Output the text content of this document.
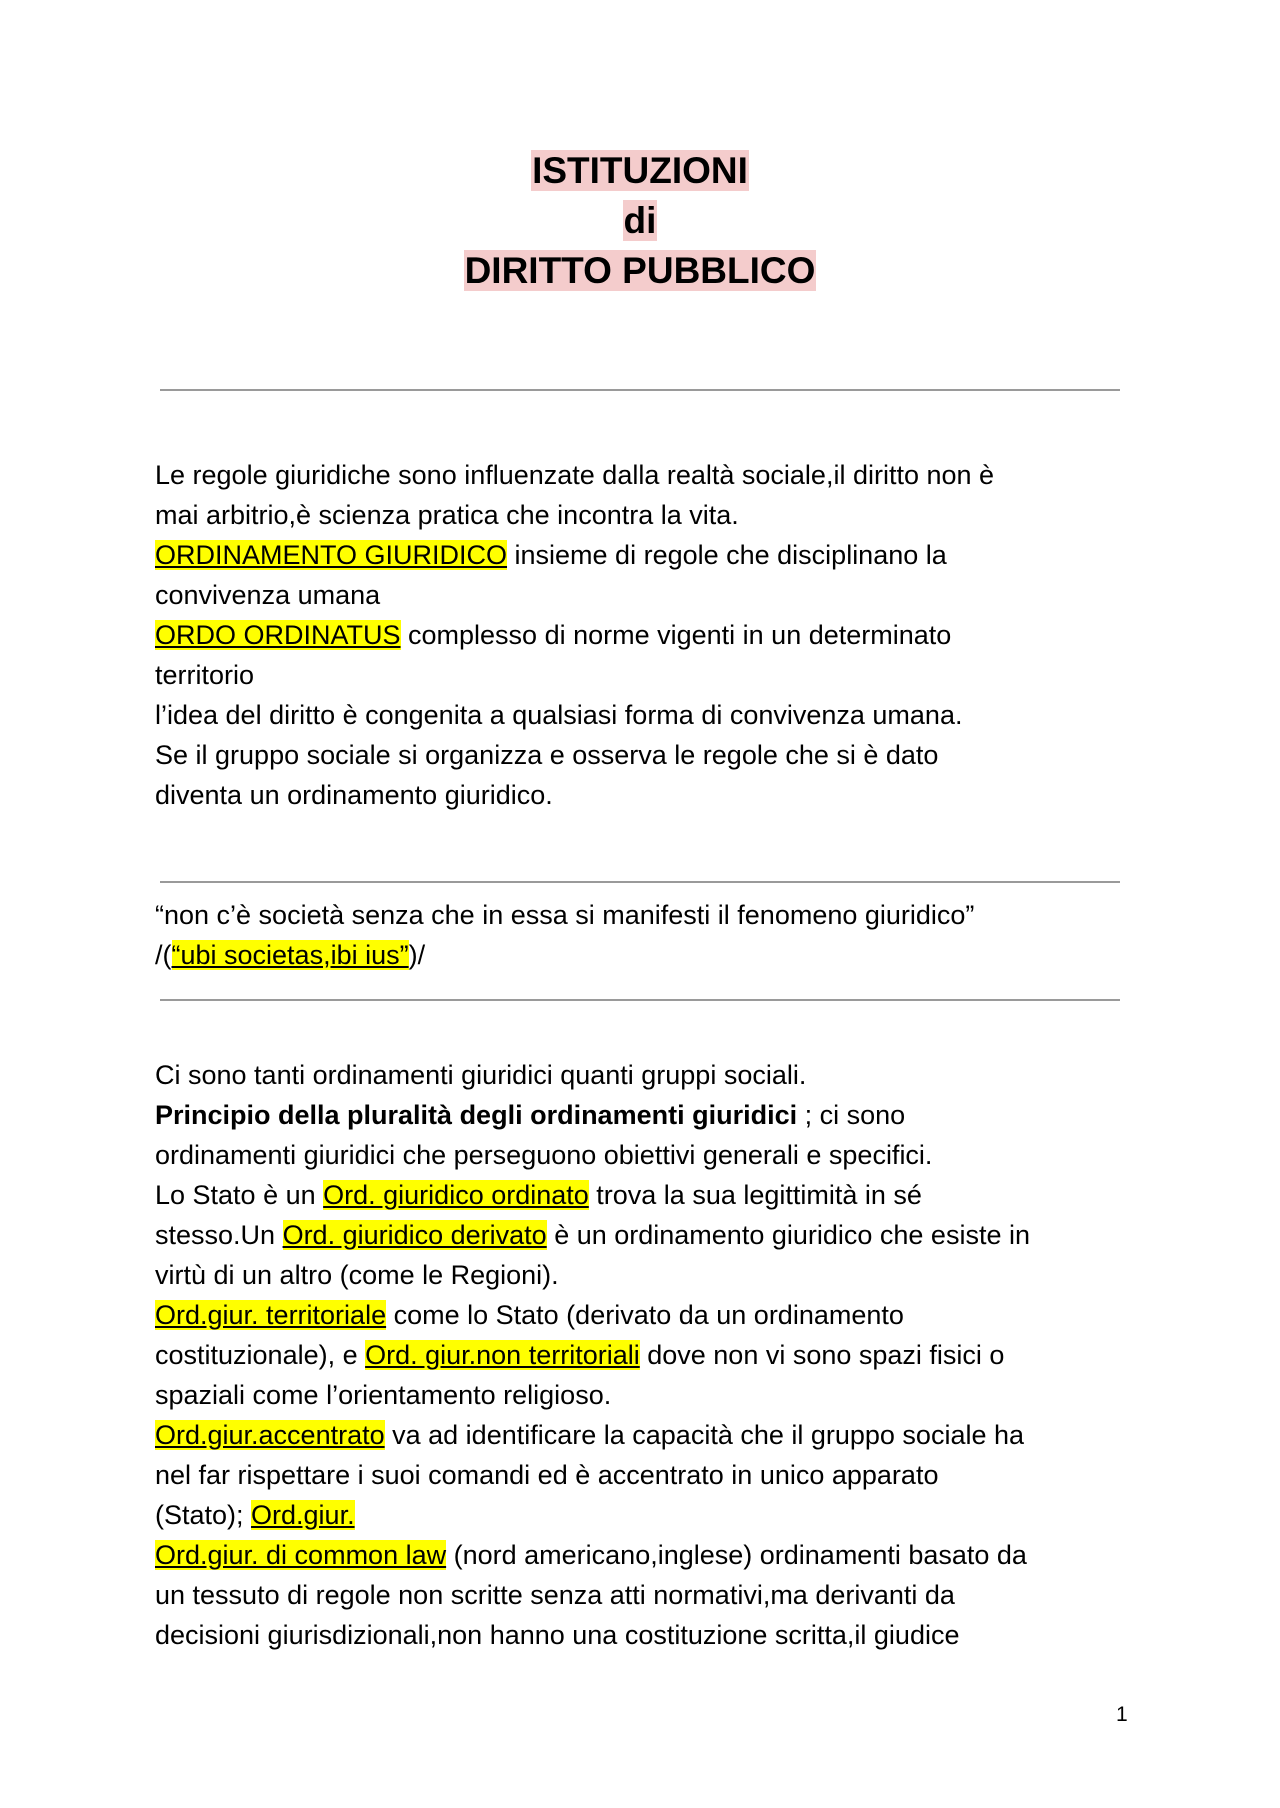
ISTITUZIONI
di
DIRITTO PUBBLICO
Le regole giuridiche sono influenzate dalla realtà sociale,il diritto non è
mai arbitrio,è scienza pratica che incontra la vita.
ORDINAMENTO GIURIDICO insieme di regole che disciplinano la
convivenza umana
ORDO ORDINATUS complesso di norme vigenti in un determinato
territorio
l’idea del diritto è congenita a qualsiasi forma di convivenza umana.
Se il gruppo sociale si organizza e osserva le regole che si è dato
diventa un ordinamento giuridico.
“non c’è società senza che in essa si manifesti il fenomeno giuridico”
/(“ubi societas,ibi ius”)/
Ci sono tanti ordinamenti giuridici quanti gruppi sociali.
Principio della pluralità degli ordinamenti giuridici ; ci sono
ordinamenti giuridici che perseguono obiettivi generali e specifici.
Lo Stato è un Ord. giuridico ordinato trova la sua legittimità in sé
stesso.Un Ord. giuridico derivato è un ordinamento giuridico che esiste in
virtù di un altro (come le Regioni).
Ord.giur. territoriale come lo Stato (derivato da un ordinamento
costituzionale), e Ord. giur.non territoriali dove non vi sono spazi fisici o
spaziali come l’orientamento religioso.
Ord.giur.accentrato va ad identificare la capacità che il gruppo sociale ha
nel far rispettare i suoi comandi ed è accentrato in unico apparato
(Stato); Ord.giur.
Ord.giur. di common law (nord americano,inglese) ordinamenti basato da
un tessuto di regole non scritte senza atti normativi,ma derivanti da
decisioni giurisdizionali,non hanno una costituzione scritta,il giudice
1
